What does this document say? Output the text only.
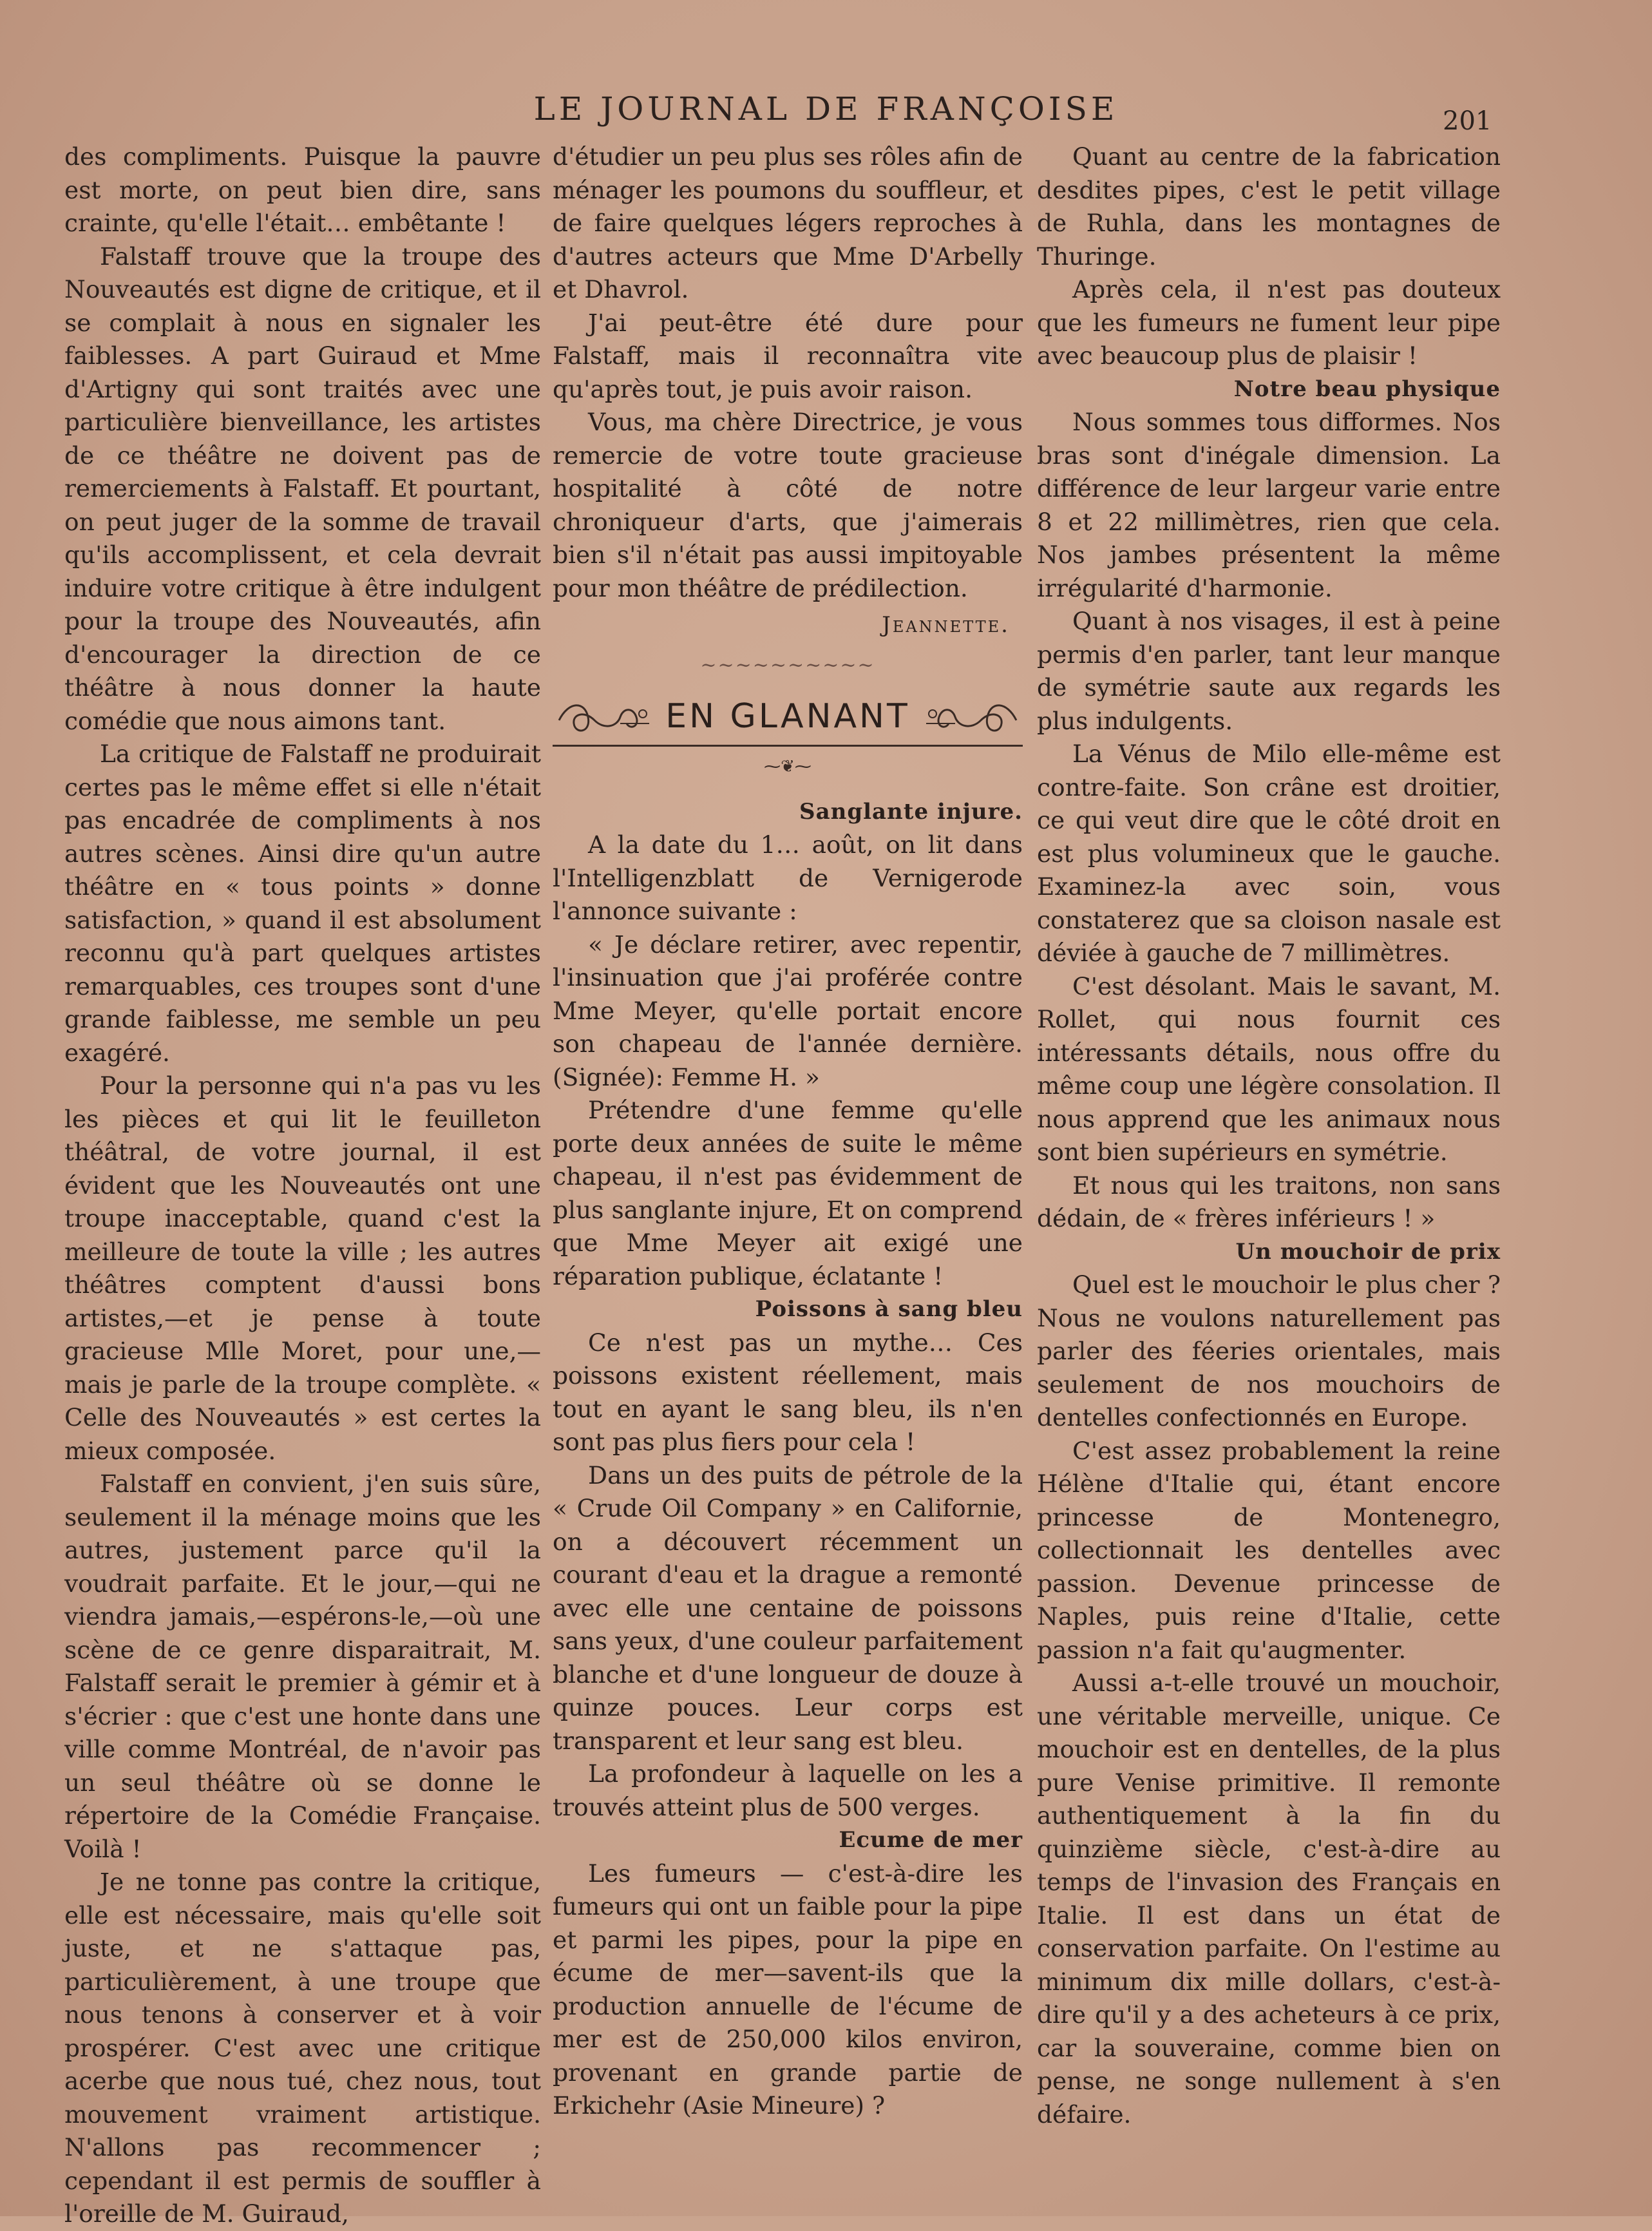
LE JOURNAL DE FRANÇOISE	201

des compliments. Puisque la pauvre est morte, on peut bien dire, sans crainte, qu'elle l'était… embêtante !

Falstaff trouve que la troupe des Nouveautés est digne de critique, et il se complait à nous en signaler les faiblesses. A part Guiraud et Mme d'Artigny qui sont traités avec une particulière bienveillance, les artistes de ce théâtre ne doivent pas de remerciements à Falstaff. Et pourtant, on peut juger de la somme de travail qu'ils accomplissent, et cela devrait induire votre critique à être indulgent pour la troupe des Nouveautés, afin d'encourager la direction de ce théâtre à nous donner la haute comédie que nous aimons tant.

La critique de Falstaff ne produirait certes pas le même effet si elle n'était pas encadrée de compliments à nos autres scènes. Ainsi dire qu'un autre théâtre en « tous points » donne satisfaction, » quand il est absolument reconnu qu'à part quelques artistes remarquables, ces troupes sont d'une grande faiblesse, me semble un peu exagéré.

Pour la personne qui n'a pas vu les les pièces et qui lit le feuilleton théâtral, de votre journal, il est évident que les Nouveautés ont une troupe inacceptable, quand c'est la meilleure de toute la ville ; les autres théâtres comptent d'aussi bons artistes,—et je pense à toute gracieuse Mlle Moret, pour une,—mais je parle de la troupe complète. « Celle des Nouveautés » est certes la mieux composée.

Falstaff en convient, j'en suis sûre, seulement il la ménage moins que les autres, justement parce qu'il la voudrait parfaite. Et le jour,—qui ne viendra jamais,—espérons-le,—où une scène de ce genre disparaitrait, M. Falstaff serait le premier à gémir et à s'écrier : que c'est une honte dans une ville comme Montréal, de n'avoir pas un seul théâtre où se donne le répertoire de la Comédie Française. Voilà !

Je ne tonne pas contre la critique, elle est nécessaire, mais qu'elle soit juste, et ne s'attaque pas, particulièrement, à une troupe que nous tenons à conserver et à voir prospérer. C'est avec une critique acerbe que nous tué, chez nous, tout mouvement vraiment artistique. N'allons pas recommencer ; cependant il est permis de souffler à l'oreille de M. Guiraud,

d'étudier un peu plus ses rôles afin de ménager les poumons du souffleur, et de faire quelques légers reproches à d'autres acteurs que Mme D'Arbelly et Dhavrol.

J'ai peut-être été dure pour Falstaff, mais il reconnaîtra vite qu'après tout, je puis avoir raison.

Vous, ma chère Directrice, je vous remercie de votre toute gracieuse hospitalité à côté de notre chroniqueur d'arts, que j'aimerais bien s'il n'était pas aussi impitoyable pour mon théâtre de prédilection.

Jeannette.

~~~~~~~~~~
EN GLANANT
⁓❦⁓

Sanglante injure.

A la date du 1… août, on lit dans l'Intelligenzblatt de Vernigerode l'annonce suivante :

« Je déclare retirer, avec repentir, l'insinuation que j'ai proférée contre Mme Meyer, qu'elle portait encore son chapeau de l'année dernière. (Signée): Femme H. »

Prétendre d'une femme qu'elle porte deux années de suite le même chapeau, il n'est pas évidemment de plus sanglante injure, Et on comprend que Mme Meyer ait exigé une réparation publique, éclatante !

Poissons à sang bleu

Ce n'est pas un mythe… Ces poissons existent réellement, mais tout en ayant le sang bleu, ils n'en sont pas plus fiers pour cela !

Dans un des puits de pétrole de la « Crude Oil Company » en Californie, on a découvert récemment un courant d'eau et la drague a remonté avec elle une centaine de poissons sans yeux, d'une couleur parfaitement blanche et d'une longueur de douze à quinze pouces. Leur corps est transparent et leur sang est bleu.

La profondeur à laquelle on les a trouvés atteint plus de 500 verges.

Ecume de mer

Les fumeurs — c'est-à-dire les fumeurs qui ont un faible pour la pipe et parmi les pipes, pour la pipe en écume de mer—savent-ils que la production annuelle de l'écume de mer est de 250,000 kilos environ, provenant en grande partie de Erkichehr (Asie Mineure) ?

Quant au centre de la fabrication desdites pipes, c'est le petit village de Ruhla, dans les montagnes de Thuringe.

Après cela, il n'est pas douteux que les fumeurs ne fument leur pipe avec beaucoup plus de plaisir !

Notre beau physique

Nous sommes tous difformes. Nos bras sont d'inégale dimension. La différence de leur largeur varie entre 8 et 22 millimètres, rien que cela. Nos jambes présentent la même irrégularité d'harmonie.

Quant à nos visages, il est à peine permis d'en parler, tant leur manque de symétrie saute aux regards les plus indulgents.

La Vénus de Milo elle-même est contre-faite. Son crâne est droitier, ce qui veut dire que le côté droit en est plus volumineux que le gauche. Examinez-la avec soin, vous constaterez que sa cloison nasale est déviée à gauche de 7 millimètres.

C'est désolant. Mais le savant, M. Rollet, qui nous fournit ces intéressants détails, nous offre du même coup une légère consolation. Il nous apprend que les animaux nous sont bien supérieurs en symétrie.

Et nous qui les traitons, non sans dédain, de « frères inférieurs ! »

Un mouchoir de prix

Quel est le mouchoir le plus cher ? Nous ne voulons naturellement pas parler des féeries orientales, mais seulement de nos mouchoirs de dentelles confectionnés en Europe.

C'est assez probablement la reine Hélène d'Italie qui, étant encore princesse de Montenegro, collectionnait les dentelles avec passion. Devenue princesse de Naples, puis reine d'Italie, cette passion n'a fait qu'augmenter.

Aussi a-t-elle trouvé un mouchoir, une véritable merveille, unique. Ce mouchoir est en dentelles, de la plus pure Venise primitive. Il remonte authentiquement à la fin du quinzième siècle, c'est-à-dire au temps de l'invasion des Français en Italie. Il est dans un état de conservation parfaite. On l'estime au minimum dix mille dollars, c'est-à-dire qu'il y a des acheteurs à ce prix, car la souveraine, comme bien on pense, ne songe nullement à s'en défaire.
